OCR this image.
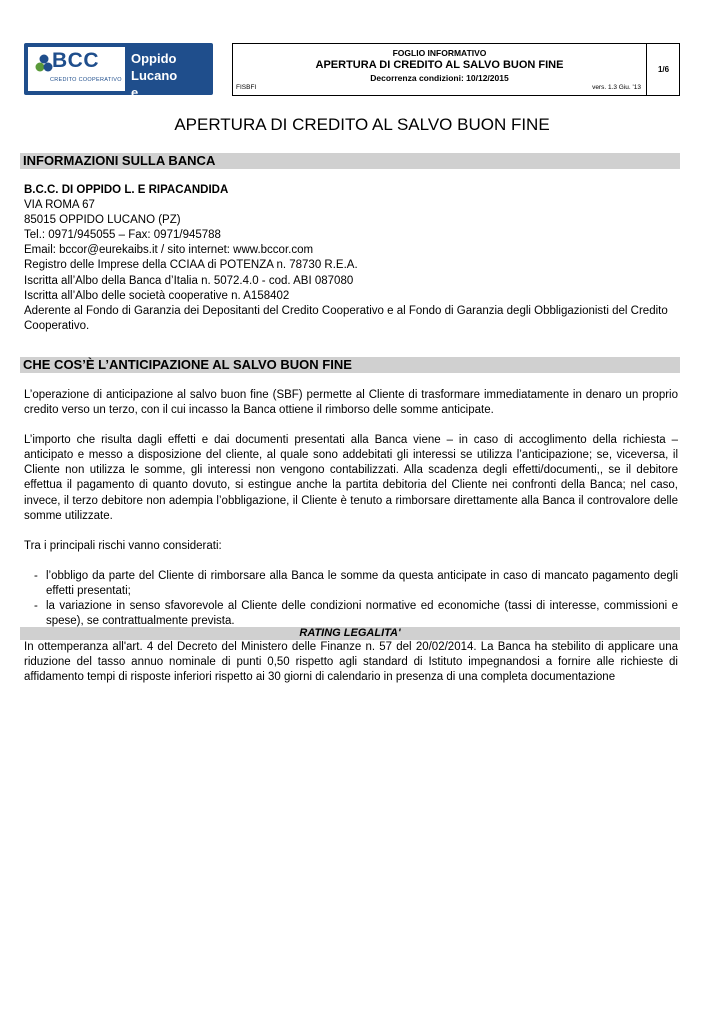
BCC
CREDITO COOPERATIVO
Oppido Lucano
e Ripacandida
FOGLIO INFORMATIVO
APERTURA DI CREDITO AL SALVO BUON FINE
Decorrenza condizioni: 10/12/2015
FISBFI	vers. 1.3 Giu. '13
1/6
APERTURA DI CREDITO AL SALVO BUON FINE
INFORMAZIONI SULLA BANCA

B.C.C. DI OPPIDO L. E RIPACANDIDA

VIA ROMA 67

85015 OPPIDO LUCANO (PZ)

Tel.: 0971/945055 – Fax: 0971/945788

Email: bccor@eurekaibs.it / sito internet: www.bccor.com

Registro delle Imprese della CCIAA di POTENZA n. 78730 R.E.A.

Iscritta all’Albo della Banca d’Italia n. 5072.4.0 - cod. ABI 087080

Iscritta all’Albo delle società cooperative n. A158402

Aderente al Fondo di Garanzia dei Depositanti del Credito Cooperativo e al Fondo di Garanzia degli Obbligazionisti del Credito Cooperativo.

CHE COS’È L’ANTICIPAZIONE AL SALVO BUON FINE

L’operazione di anticipazione al salvo buon fine (SBF) permette al Cliente di trasformare immediatamente in denaro un proprio credito verso un terzo, con il cui incasso la Banca ottiene il rimborso delle somme anticipate.

L’importo che risulta dagli effetti e dai documenti presentati alla Banca viene – in caso di accoglimento della richiesta – anticipato e messo a disposizione del cliente, al quale sono addebitati gli interessi se utilizza l’anticipazione; se, viceversa, il Cliente non utilizza le somme, gli interessi non vengono contabilizzati. Alla scadenza degli effetti/documenti,, se il debitore effettua il pagamento di quanto dovuto, si estingue anche la partita debitoria del Cliente nei confronti della Banca; nel caso, invece, il terzo debitore non adempia l’obbligazione, il Cliente è tenuto a rimborsare direttamente alla Banca il controvalore delle somme utilizzate.

Tra i principali rischi vanno considerati:

- l’obbligo da parte del Cliente di rimborsare alla Banca le somme da questa anticipate in caso di mancato pagamento degli effetti presentati;
- la variazione in senso sfavorevole al Cliente delle condizioni normative ed economiche (tassi di interesse, commissioni e spese), se contrattualmente prevista.
RATING LEGALITA'

In ottemperanza all'art. 4 del Decreto del Ministero delle Finanze n. 57 del 20/02/2014. La Banca ha stebilito di applicare una riduzione del tasso annuo nominale di punti 0,50 rispetto agli standard di Istituto impegnandosi a fornire alle richieste di affidamento tempi di risposte inferiori rispetto ai 30 giorni di calendario in presenza di una completa documentazione
